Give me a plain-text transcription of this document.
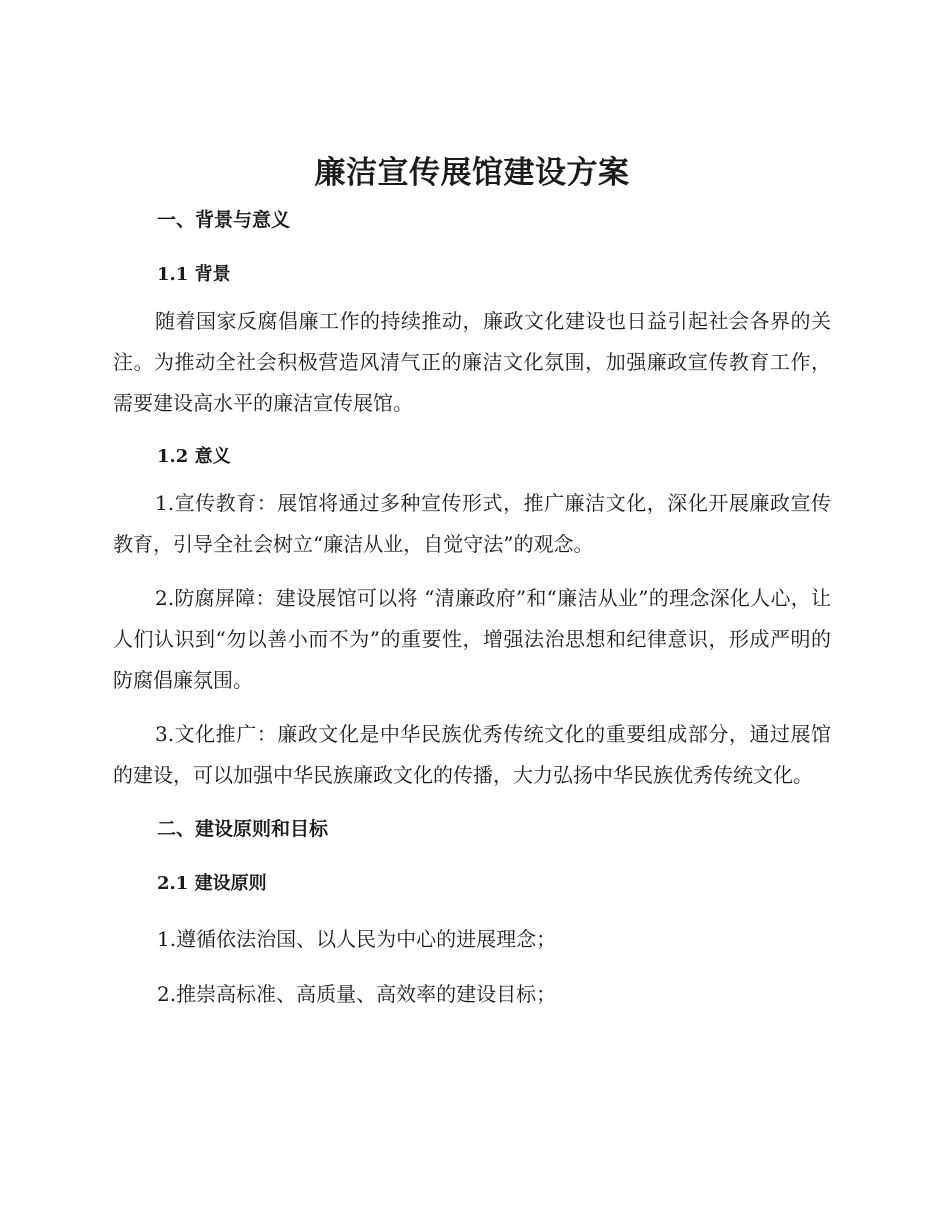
廉洁宣传展馆建设方案
一、背景与意义
1.1 背景

随着国家反腐倡廉工作的持续推动，廉政文化建设也日益引起社会各界的关注。为推动全社会积极营造风清气正的廉洁文化氛围，加强廉政宣传教育工作，需要建设高水平的廉洁宣传展馆。

1.2 意义

1.宣传教育：展馆将通过多种宣传形式，推广廉洁文化，深化开展廉政宣传教育，引导全社会树立“廉洁从业，自觉守法”的观念。

2.防腐屏障：建设展馆可以将 “清廉政府”和“廉洁从业”的理念深化人心，让人们认识到“勿以善小而不为”的重要性，增强法治思想和纪律意识，形成严明的防腐倡廉氛围。

3.文化推广：廉政文化是中华民族优秀传统文化的重要组成部分，通过展馆的建设，可以加强中华民族廉政文化的传播，大力弘扬中华民族优秀传统文化。

二、建设原则和目标
2.1 建设原则

1.遵循依法治国、以人民为中心的进展理念；

2.推崇高标准、高质量、高效率的建设目标；
